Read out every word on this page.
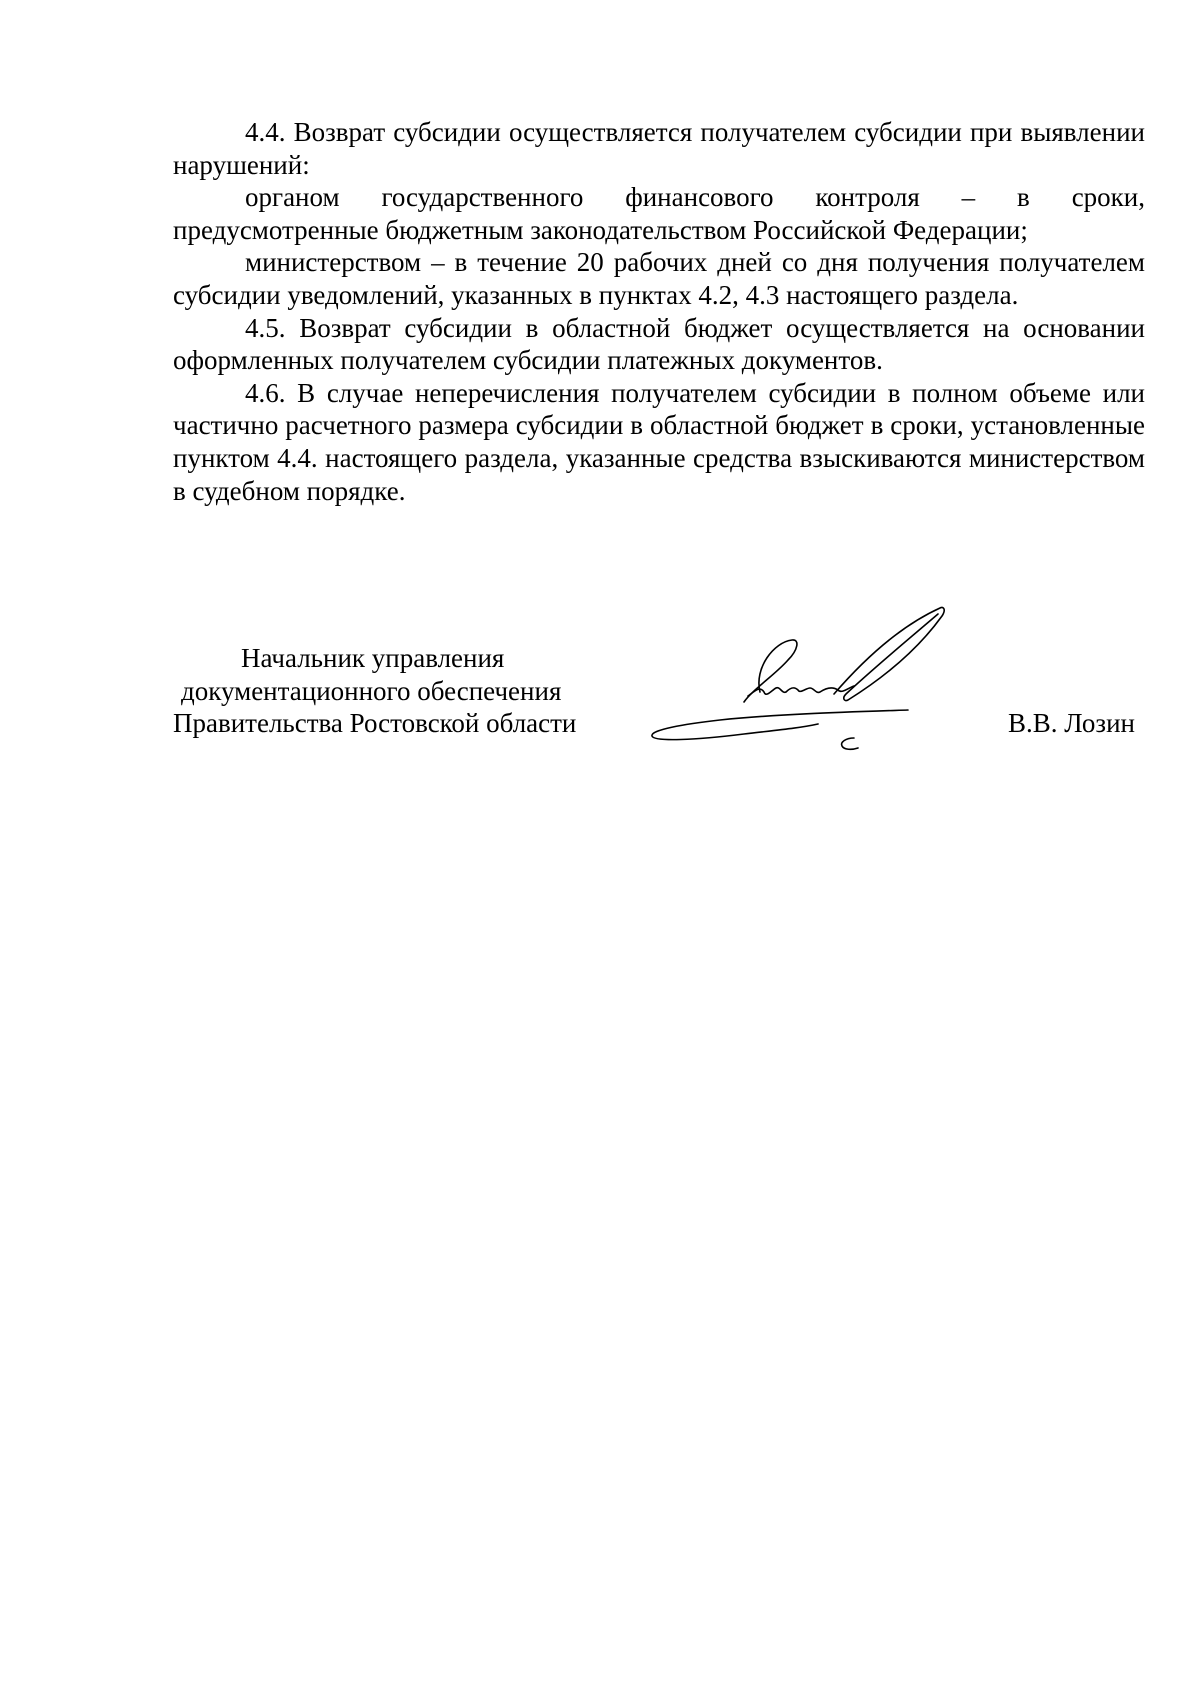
4.4. Возврат субсидии осуществляется получателем субсидии при выявлении нарушений:

органом государственного финансового контроля – в сроки, предусмотренные бюджетным законодательством Российской Федерации;

министерством – в течение 20 рабочих дней со дня получения получателем субсидии уведомлений, указанных в пунктах 4.2, 4.3 настоящего раздела.

4.5. Возврат субсидии в областной бюджет осуществляется на основании оформленных получателем субсидии платежных документов.

4.6. В случае неперечисления получателем субсидии в полном объеме или частично расчетного размера субсидии в областной бюджет в сроки, установленные пунктом 4.4. настоящего раздела, указанные средства взыскиваются министерством в судебном порядке.

Начальник управления
документационного обеспечения
Правительства Ростовской области	В.В. Лозин
